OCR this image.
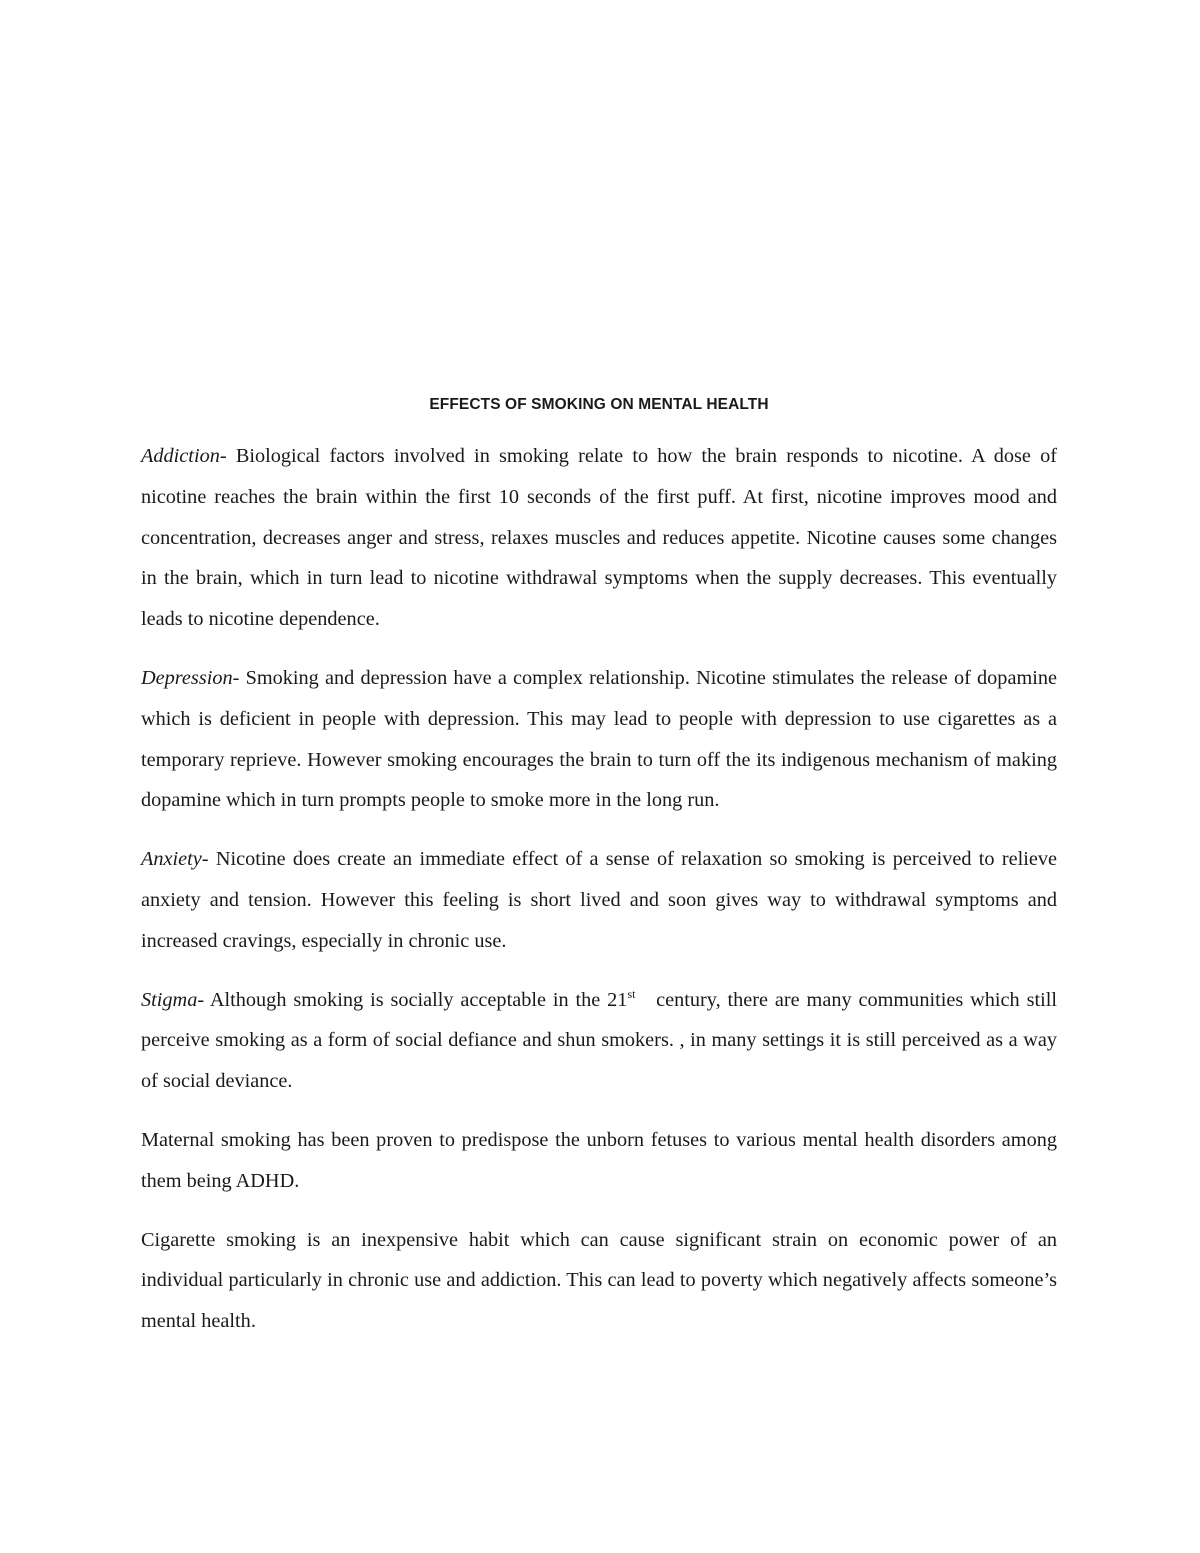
EFFECTS OF SMOKING ON MENTAL HEALTH

Addiction- Biological factors involved in smoking relate to how the brain responds to nicotine. A dose of nicotine reaches the brain within the first 10 seconds of the first puff. At first, nicotine improves mood and concentration, decreases anger and stress, relaxes muscles and reduces appetite. Nicotine causes some changes in the brain, which in turn lead to nicotine withdrawal symptoms when the supply decreases. This eventually leads to nicotine dependence.

Depression- Smoking and depression have a complex relationship. Nicotine stimulates the release of dopamine which is deficient in people with depression. This may lead to people with depression to use cigarettes as a temporary reprieve. However smoking encourages the brain to turn off the its indigenous mechanism of making dopamine which in turn prompts people to smoke more in the long run.

Anxiety- Nicotine does create an immediate effect of a sense of relaxation so smoking is perceived to relieve anxiety and tension. However this feeling is short lived and soon gives way to withdrawal symptoms and increased cravings, especially in chronic use.

Stigma- Although smoking is socially acceptable in the 21st   century, there are many communities which still perceive smoking as a form of social defiance and shun smokers. , in many settings it is still perceived as a way of social deviance.

Maternal smoking has been proven to predispose the unborn fetuses to various mental health disorders among them being ADHD.

Cigarette smoking is an inexpensive habit which can cause significant strain on economic power of an individual particularly in chronic use and addiction. This can lead to poverty which negatively affects someone’s mental health.
